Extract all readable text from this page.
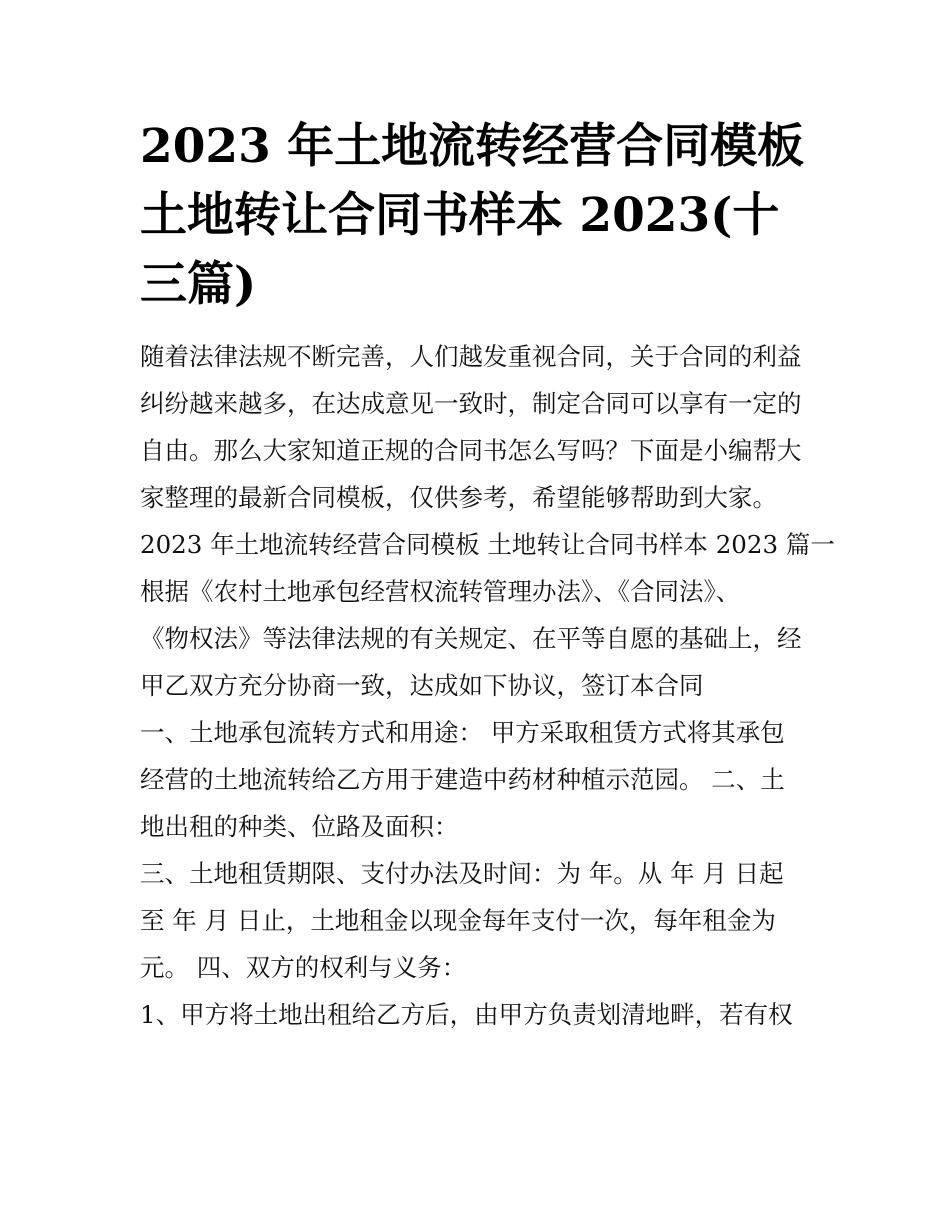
2023 年土地流转经营合同模板
土地转让合同书样本 2023(十
三篇)

随着法律法规不断完善，人们越发重视合同，关于合同的利益
纠纷越来越多，在达成意见一致时，制定合同可以享有一定的
自由。那么大家知道正规的合同书怎么写吗？下面是小编帮大
家整理的最新合同模板，仅供参考，希望能够帮助到大家。

2023 年土地流转经营合同模板 土地转让合同书样本 2023 篇一

根据《农村土地承包经营权流转管理办法》、《合同法》、
《物权法》等法律法规的有关规定、在平等自愿的基础上，经
甲乙双方充分协商一致，达成如下协议，签订本合同

一、土地承包流转方式和用途： 甲方采取租赁方式将其承包
经营的土地流转给乙方用于建造中药材种植示范园。 二、土
地出租的种类、位路及面积：

三、土地租赁期限、支付办法及时间：为 年。从 年 月 日起
至 年 月 日止，土地租金以现金每年支付一次，每年租金为
元。 四、双方的权利与义务：

1、甲方将土地出租给乙方后，由甲方负责划清地畔，若有权
